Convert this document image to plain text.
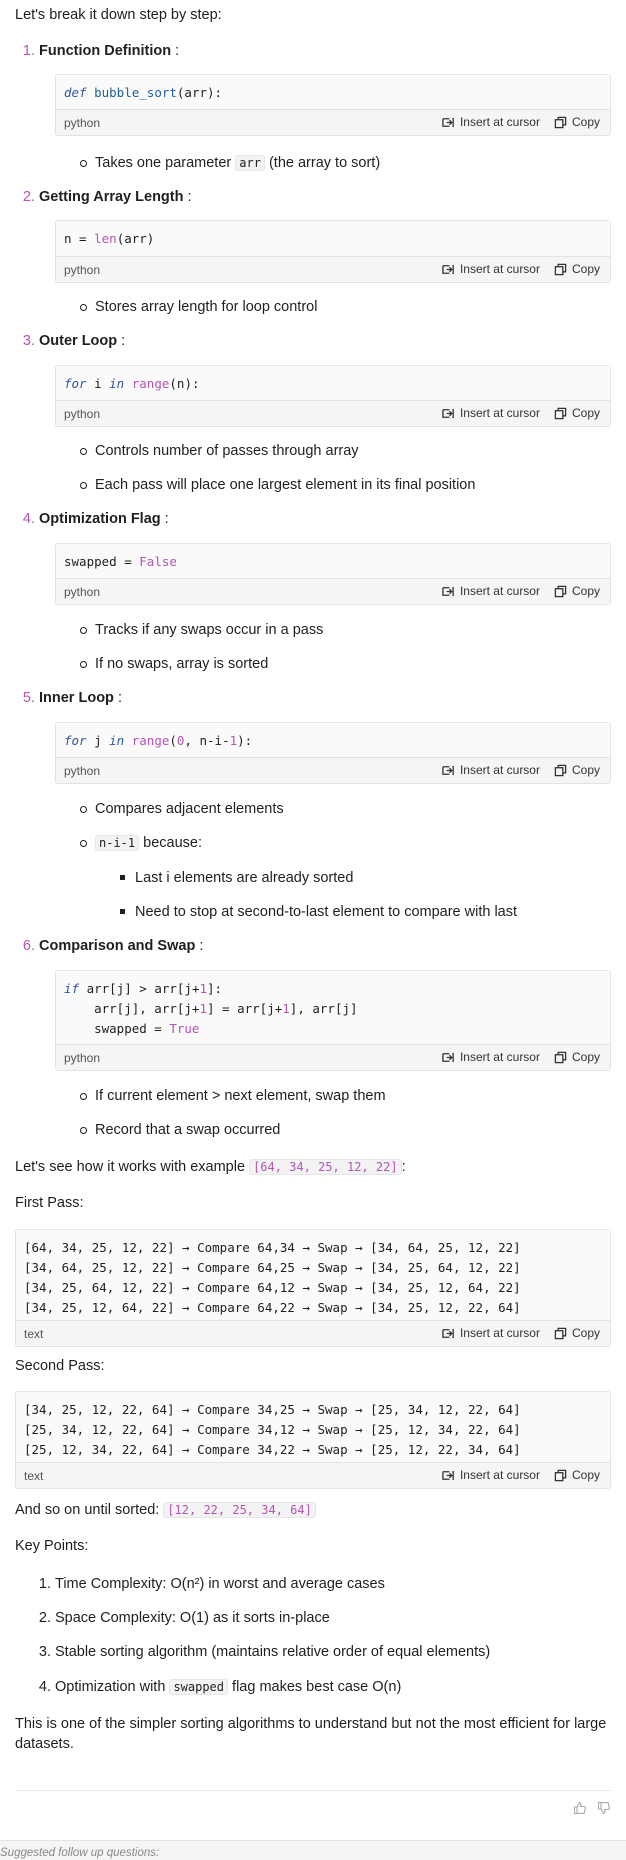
Let's break it down step by step:
1. Function Definition :
def bubble_sort(arr):
python	Insert at cursor	Copy
Takes one parameter arr (the array to sort)
2. Getting Array Length :
n = len(arr)
python	Insert at cursor	Copy
Stores array length for loop control
3. Outer Loop :
for i in range(n):
python	Insert at cursor	Copy
Controls number of passes through array
Each pass will place one largest element in its final position
4. Optimization Flag :
swapped = False
python	Insert at cursor	Copy
Tracks if any swaps occur in a pass
If no swaps, array is sorted
5. Inner Loop :
for j in range(0, n-i-1):
python	Insert at cursor	Copy
Compares adjacent elements
n-i-1 because:
Last i elements are already sorted
Need to stop at second-to-last element to compare with last
6. Comparison and Swap :
if arr[j] > arr[j+1]:
arr[j], arr[j+1] = arr[j+1], arr[j]
swapped = True
python	Insert at cursor	Copy
If current element > next element, swap them
Record that a swap occurred
Let's see how it works with example [64, 34, 25, 12, 22] :
First Pass:
[64, 34, 25, 12, 22] → Compare 64,34 → Swap → [34, 64, 25, 12, 22]
[34, 64, 25, 12, 22] → Compare 64,25 → Swap → [34, 25, 64, 12, 22]
[34, 25, 64, 12, 22] → Compare 64,12 → Swap → [34, 25, 12, 64, 22]
[34, 25, 12, 64, 22] → Compare 64,22 → Swap → [34, 25, 12, 22, 64]
text	Insert at cursor	Copy
Second Pass:
[34, 25, 12, 22, 64] → Compare 34,25 → Swap → [25, 34, 12, 22, 64]
[25, 34, 12, 22, 64] → Compare 34,12 → Swap → [25, 12, 34, 22, 64]
[25, 12, 34, 22, 64] → Compare 34,22 → Swap → [25, 12, 22, 34, 64]
text	Insert at cursor	Copy
And so on until sorted: [12, 22, 25, 34, 64]
Key Points:
1. Time Complexity: O(n²) in worst and average cases
2. Space Complexity: O(1) as it sorts in-place
3. Stable sorting algorithm (maintains relative order of equal elements)
4. Optimization with swapped flag makes best case O(n)
This is one of the simpler sorting algorithms to understand but not the most efficient for large datasets.
Suggested follow up questions:
